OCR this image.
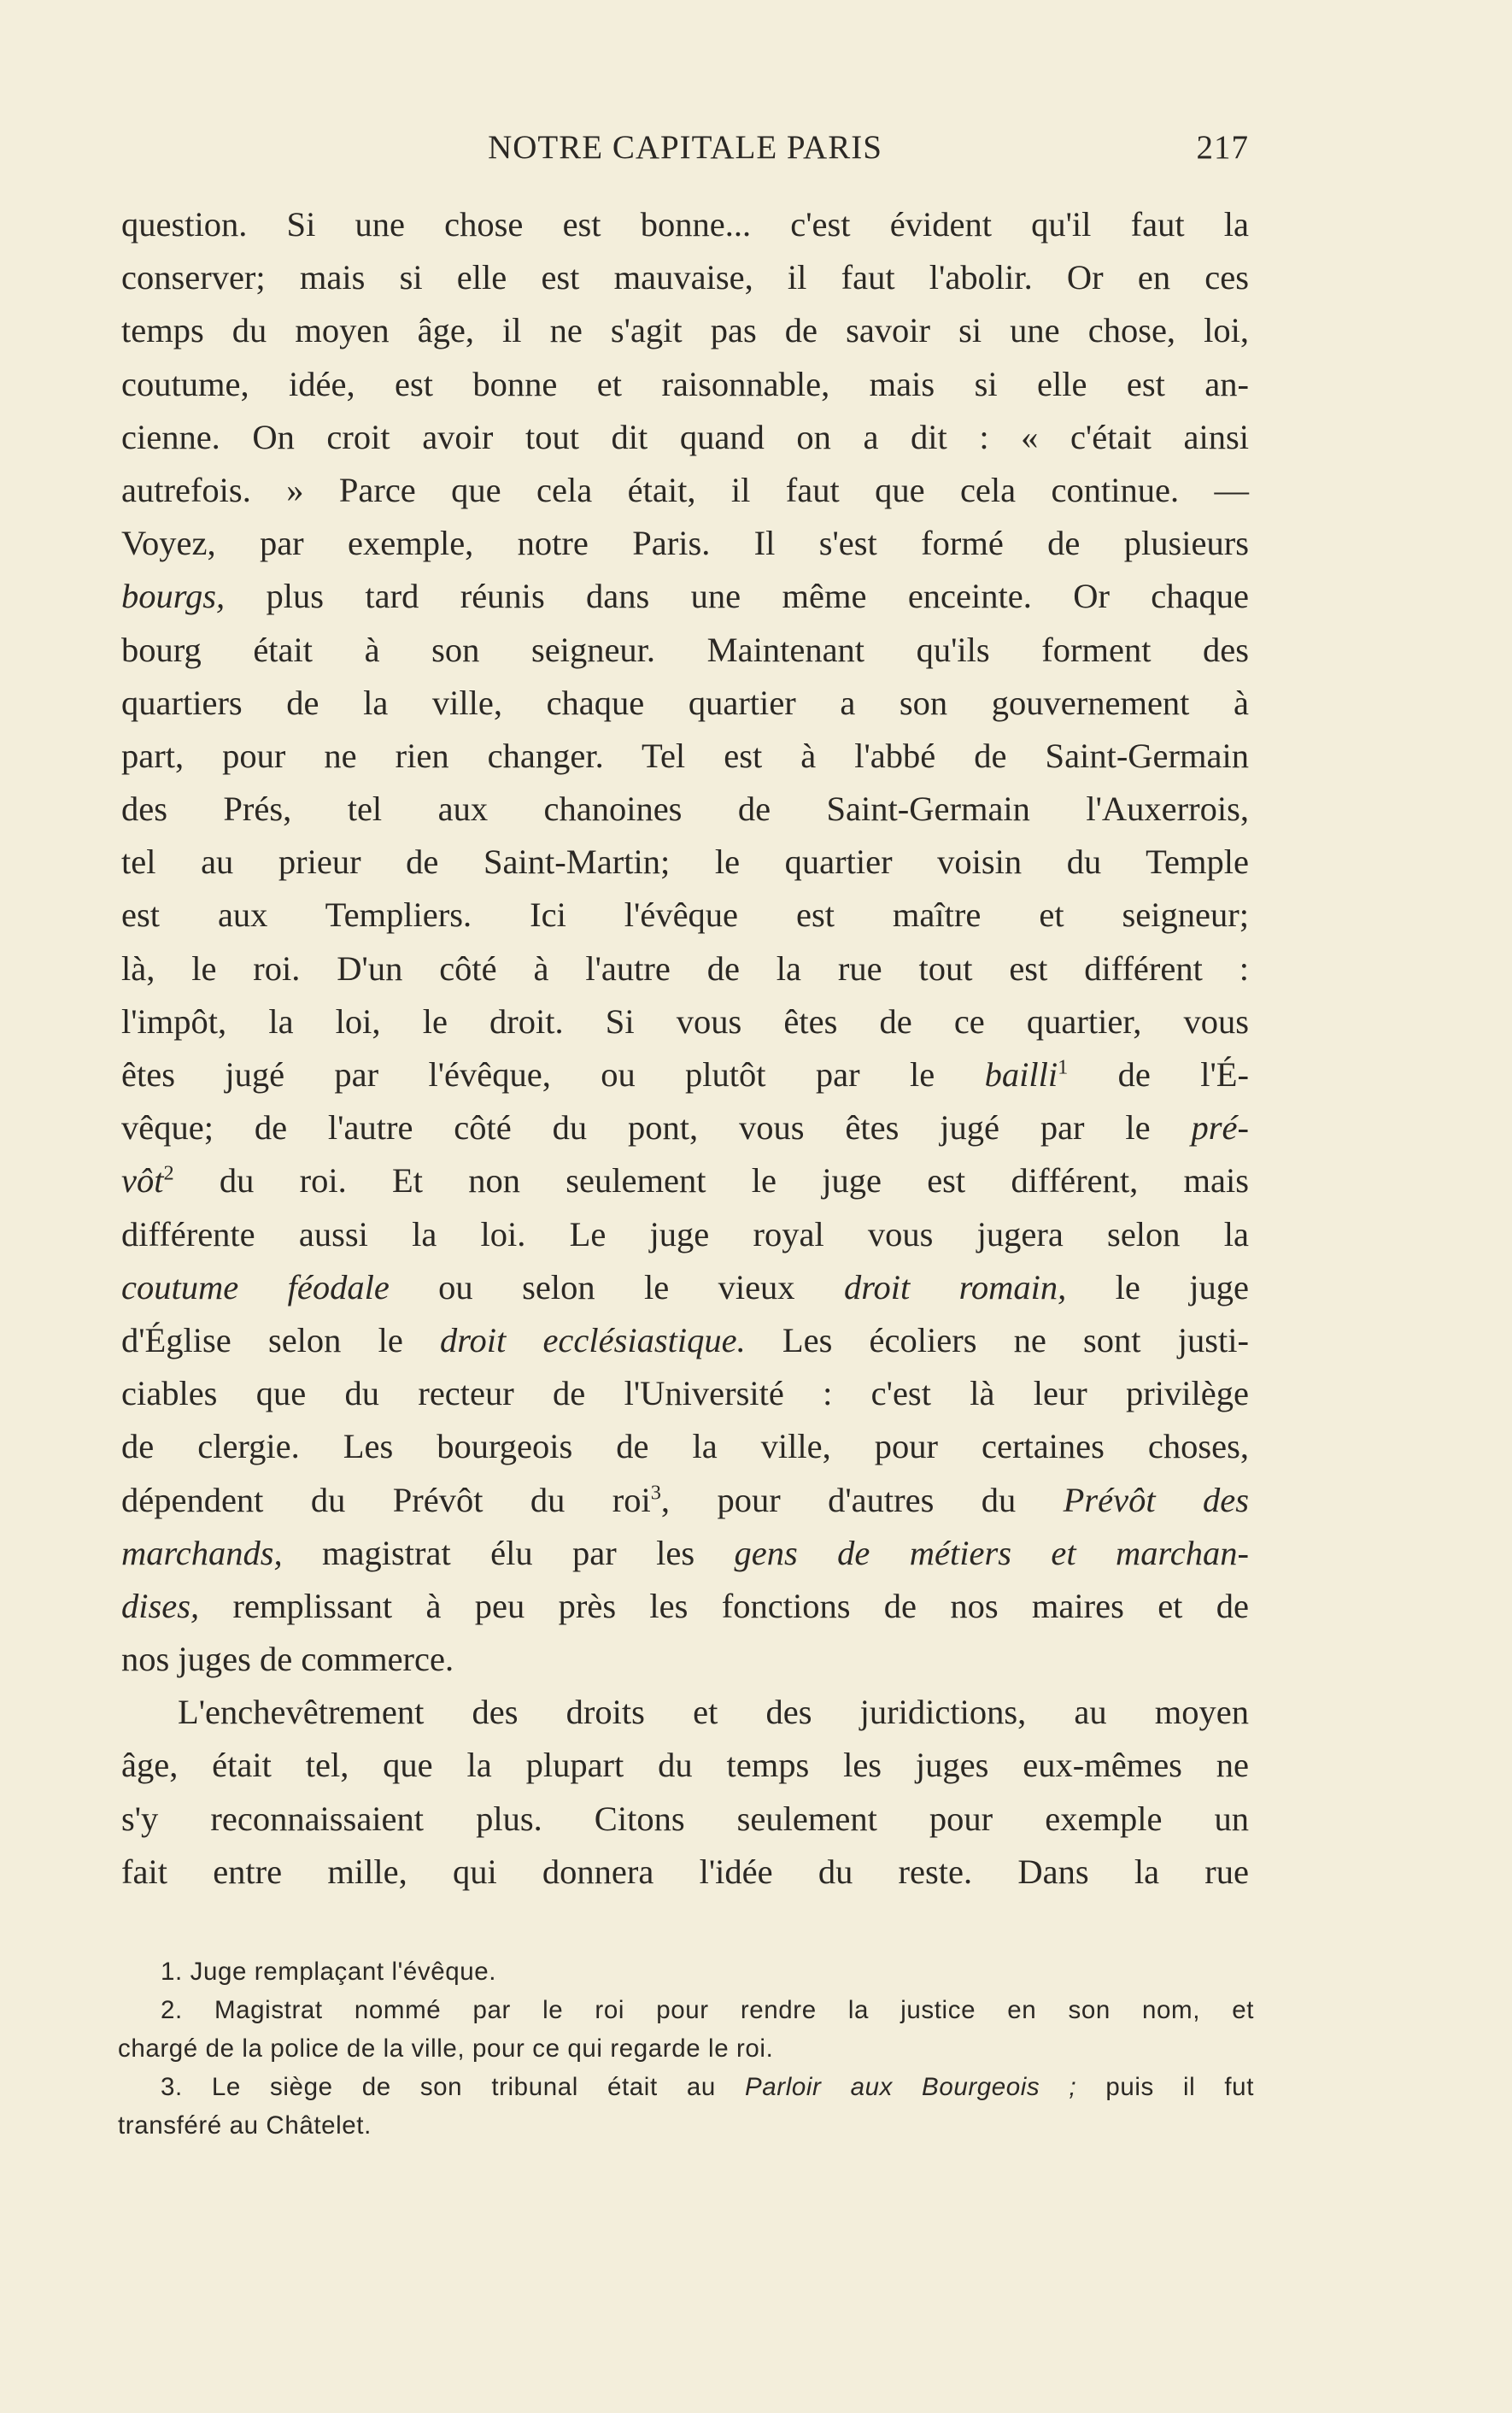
NOTRE CAPITALE PARIS	217
question. Si une chose est bonne... c'est évident qu'il faut la
conserver; mais si elle est mauvaise, il faut l'abolir. Or en ces
temps du moyen âge, il ne s'agit pas de savoir si une chose, loi,
coutume, idée, est bonne et raisonnable, mais si elle est an-
cienne. On croit avoir tout dit quand on a dit : « c'était ainsi
autrefois. » Parce que cela était, il faut que cela continue. —
Voyez, par exemple, notre Paris. Il s'est formé de plusieurs
bourgs, plus tard réunis dans une même enceinte. Or chaque
bourg était à son seigneur. Maintenant qu'ils forment des
quartiers de la ville, chaque quartier a son gouvernement à
part, pour ne rien changer. Tel est à l'abbé de Saint-Germain
des Prés, tel aux chanoines de Saint-Germain l'Auxerrois,
tel au prieur de Saint-Martin; le quartier voisin du Temple
est aux Templiers. Ici l'évêque est maître et seigneur;
là, le roi. D'un côté à l'autre de la rue tout est différent :
l'impôt, la loi, le droit. Si vous êtes de ce quartier, vous
êtes jugé par l'évêque, ou plutôt par le bailli$^1$ de l'É-
vêque; de l'autre côté du pont, vous êtes jugé par le pré-
vôt$^2$ du roi. Et non seulement le juge est différent, mais
différente aussi la loi. Le juge royal vous jugera selon la
coutume féodale ou selon le vieux droit romain, le juge
d'Église selon le droit ecclésiastique. Les écoliers ne sont justi-
ciables que du recteur de l'Université : c'est là leur privilège
de clergie. Les bourgeois de la ville, pour certaines choses,
dépendent du Prévôt du roi$^3$, pour d'autres du Prévôt des
marchands, magistrat élu par les gens de métiers et marchan-
dises, remplissant à peu près les fonctions de nos maires et de
nos juges de commerce.
L'enchevêtrement des droits et des juridictions, au moyen
âge, était tel, que la plupart du temps les juges eux-mêmes ne
s'y reconnaissaient plus. Citons seulement pour exemple un
fait entre mille, qui donnera l'idée du reste. Dans la rue
1. Juge remplaçant l'évêque.
2. Magistrat nommé par le roi pour rendre la justice en son nom, et
chargé de la police de la ville, pour ce qui regarde le roi.
3. Le siège de son tribunal était au Parloir aux Bourgeois ; puis il fut
transféré au Châtelet.
